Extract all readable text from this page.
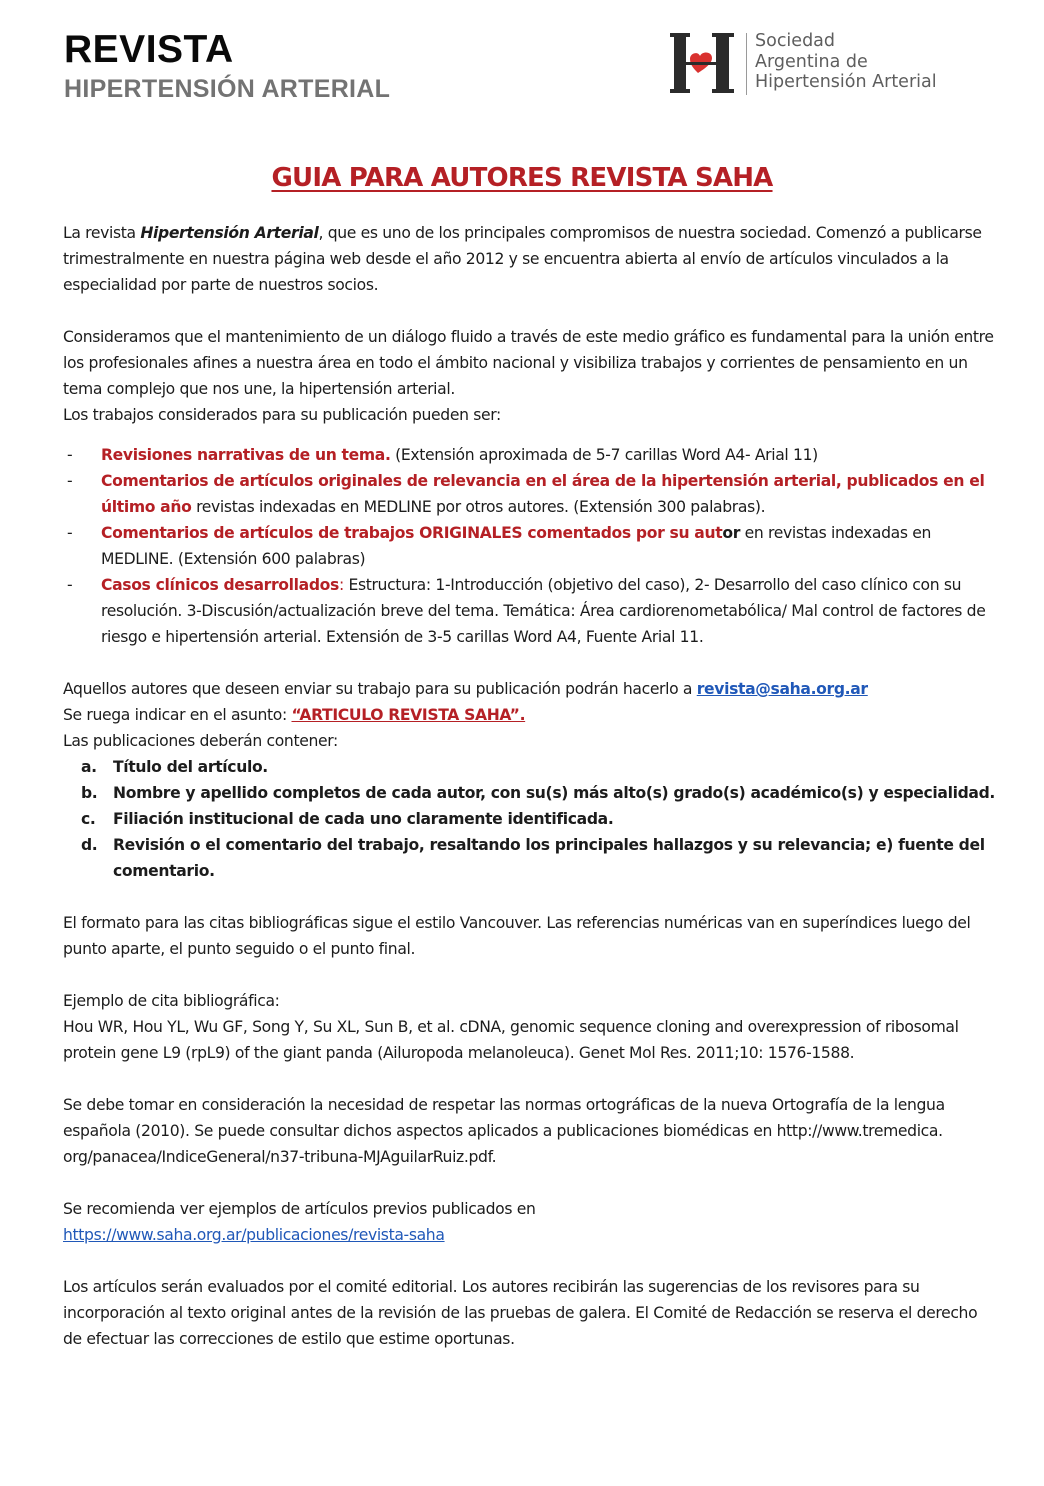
REVISTA
HIPERTENSIÓN ARTERIAL
Sociedad
Argentina de
Hipertensión Arterial
GUIA PARA AUTORES REVISTA SAHA

La revista Hipertensión Arterial, que es uno de los principales compromisos de nuestra sociedad. Comenzó a publicarse trimestralmente en nuestra página web desde el año 2012 y se encuentra abierta al envío de artículos vinculados a la especialidad por parte de nuestros socios.

Consideramos que el mantenimiento de un diálogo fluido a través de este medio gráfico es fundamental para la unión entre los profesionales afines a nuestra área en todo el ámbito nacional y visibiliza trabajos y corrientes de pensamiento en un tema complejo que nos une, la hipertensión arterial.

Los trabajos considerados para su publicación pueden ser:

- Revisiones narrativas de un tema. (Extensión aproximada de 5-7 carillas Word A4- Arial 11)
- Comentarios de artículos originales de relevancia en el área de la hipertensión arterial, publicados en el último año revistas indexadas en MEDLINE por otros autores. (Extensión 300 palabras).
- Comentarios de artículos de trabajos ORIGINALES comentados por su autor en revistas indexadas en MEDLINE. (Extensión 600 palabras)
- Casos clínicos desarrollados: Estructura: 1-Introducción (objetivo del caso), 2- Desarrollo del caso clínico con su resolución. 3-Discusión/actualización breve del tema. Temática: Área cardiorenometabólica/ Mal control de factores de riesgo e hipertensión arterial. Extensión de 3-5 carillas Word A4, Fuente Arial 11.

Aquellos autores que deseen enviar su trabajo para su publicación podrán hacerlo a revista@saha.org.ar

Se ruega indicar en el asunto: “ARTICULO REVISTA SAHA”.

Las publicaciones deberán contener:

a. Título del artículo.
b. Nombre y apellido completos de cada autor, con su(s) más alto(s) grado(s) académico(s) y especialidad.
c. Filiación institucional de cada uno claramente identificada.
d. Revisión o el comentario del trabajo, resaltando los principales hallazgos y su relevancia; e) fuente del comentario.

El formato para las citas bibliográficas sigue el estilo Vancouver. Las referencias numéricas van en superíndices luego del punto aparte, el punto seguido o el punto final.

Ejemplo de cita bibliográfica:

Hou WR, Hou YL, Wu GF, Song Y, Su XL, Sun B, et al. cDNA, genomic sequence cloning and overexpression of ribosomal protein gene L9 (rpL9) of the giant panda (Ailuropoda melanoleuca). Genet Mol Res. 2011;10: 1576-1588.

Se debe tomar en consideración la necesidad de respetar las normas ortográficas de la nueva Ortografía de la lengua española (2010). Se puede consultar dichos aspectos aplicados a publicaciones biomédicas en http://www.tremedica. org/panacea/IndiceGeneral/n37-tribuna-MJAguilarRuiz.pdf.

Se recomienda ver ejemplos de artículos previos publicados en

https://www.saha.org.ar/publicaciones/revista-saha

Los artículos serán evaluados por el comité editorial. Los autores recibirán las sugerencias de los revisores para su incorporación al texto original antes de la revisión de las pruebas de galera. El Comité de Redacción se reserva el derecho de efectuar las correcciones de estilo que estime oportunas.
